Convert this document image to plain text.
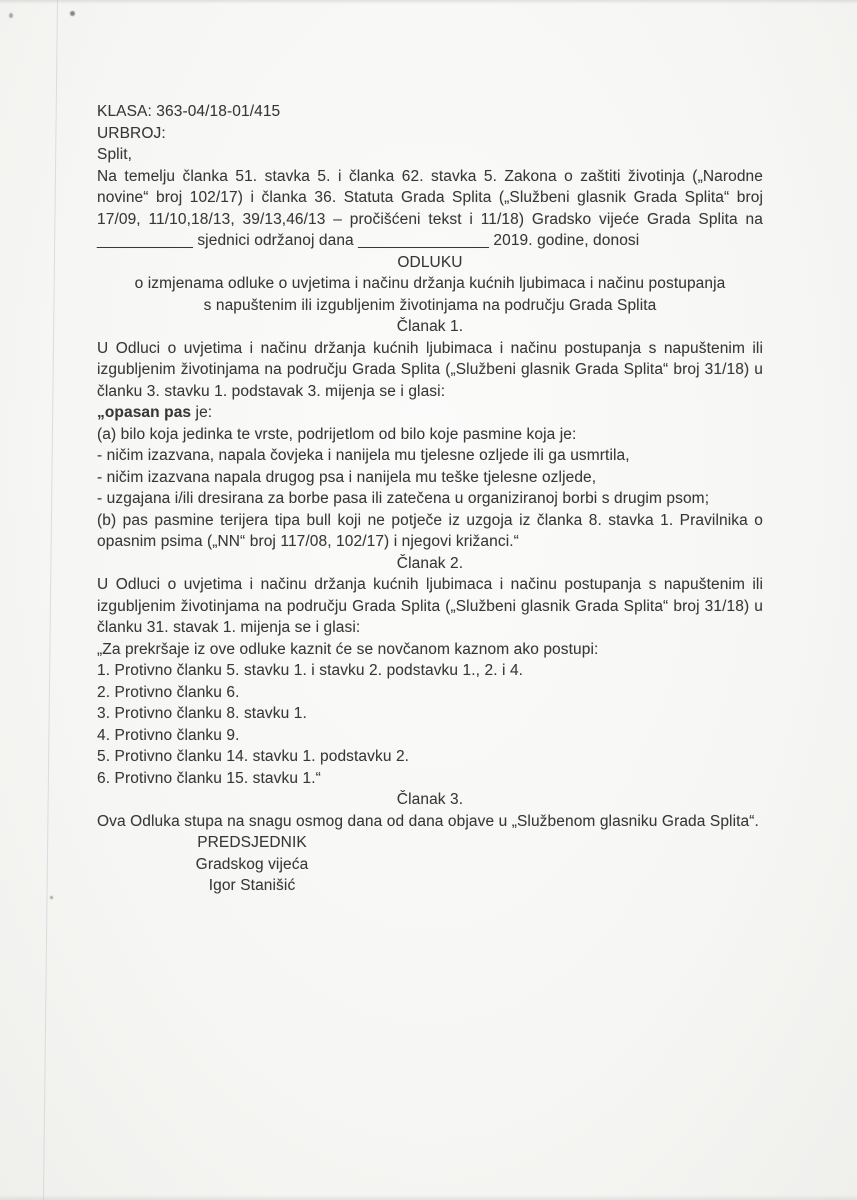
KLASA: 363-04/18-01/415
URBROJ:
Split,

Na temelju članka 51. stavka 5. i članka 62. stavka 5. Zakona o zaštiti životinja („Narodne novine“ broj 102/17) i članka 36. Statuta Grada Splita („Službeni glasnik Grada Splita“ broj 17/09, 11/10,18/13, 39/13,46/13 – pročišćeni tekst i 11/18) Gradsko vijeće Grada Splita na ___________ sjednici održanoj dana _______________ 2019. godine, donosi

ODLUKU
o izmjenama odluke o uvjetima i načinu držanja kućnih ljubimaca i načinu postupanja
s napuštenim ili izgubljenim životinjama na području Grada Splita
Članak 1.

U Odluci o uvjetima i načinu držanja kućnih ljubimaca i načinu postupanja s napuštenim ili izgubljenim životinjama na području Grada Splita („Službeni glasnik Grada Splita“ broj 31/18) u članku 3. stavku 1. podstavak 3. mijenja se i glasi:

„opasan pas je:
(a) bilo koja jedinka te vrste, podrijetlom od bilo koje pasmine koja je:
- ničim izazvana, napala čovjeka i nanijela mu tjelesne ozljede ili ga usmrtila,
- ničim izazvana napala drugog psa i nanijela mu teške tjelesne ozljede,
- uzgajana i/ili dresirana za borbe pasa ili zatečena u organiziranoj borbi s drugim psom;

(b) pas pasmine terijera tipa bull koji ne potječe iz uzgoja iz članka 8. stavka 1. Pravilnika o opasnim psima („NN“ broj 117/08, 102/17) i njegovi križanci.“

Članak 2.

U Odluci o uvjetima i načinu držanja kućnih ljubimaca i načinu postupanja s napuštenim ili izgubljenim životinjama na području Grada Splita („Službeni glasnik Grada Splita“ broj 31/18) u članku 31. stavak 1. mijenja se i glasi:

„Za prekršaje iz ove odluke kaznit će se novčanom kaznom ako postupi:
1. Protivno članku 5. stavku 1. i stavku 2. podstavku 1., 2. i 4.
2. Protivno članku 6.
3. Protivno članku 8. stavku 1.
4. Protivno članku 9.
5. Protivno članku 14. stavku 1. podstavku 2.
6. Protivno članku 15. stavku 1.“
Članak 3.

Ova Odluka stupa na snagu osmog dana od dana objave u „Službenom glasniku Grada Splita“.

PREDSJEDNIK
Gradskog vijeća
Igor Stanišić
